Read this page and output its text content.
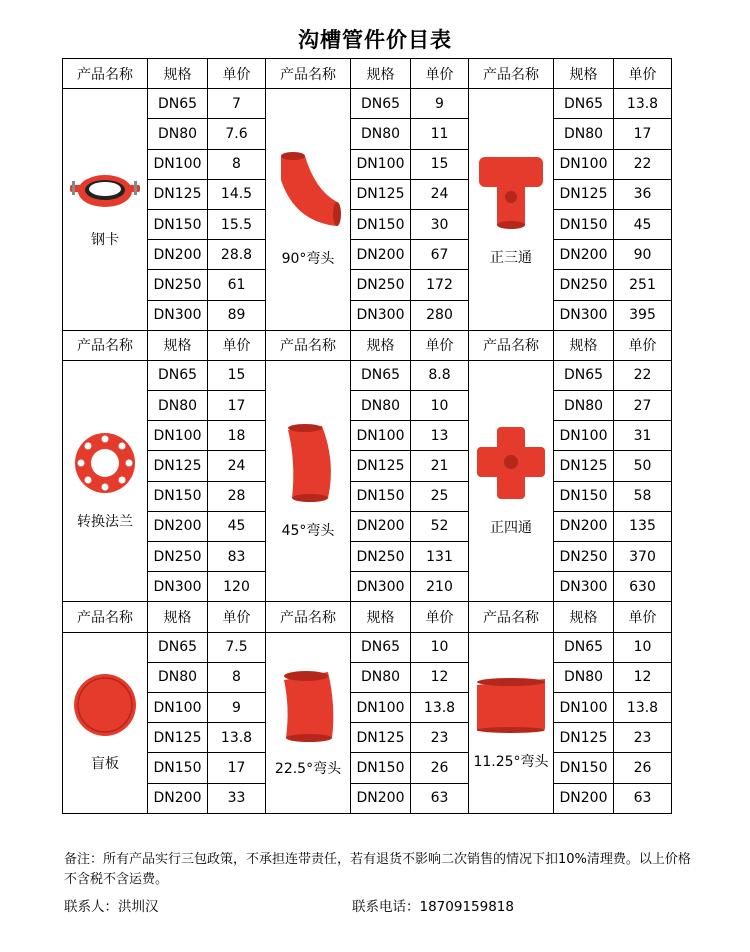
沟槽管件价目表
产品名称	规格	单价	产品名称	规格	单价	产品名称	规格	单价

钢卡	DN65	7	90°弯头	DN65	9	正三通	DN65	13.8
	DN80	7.6		DN80	11		DN80	17
	DN100	8		DN100	15		DN100	22
	DN125	14.5		DN125	24		DN125	36
	DN150	15.5		DN150	30		DN150	45
	DN200	28.8		DN200	67		DN200	90
	DN250	61		DN250	172		DN250	251
	DN300	89		DN300	280		DN300	395
产品名称	规格	单价	产品名称	规格	单价	产品名称	规格	单价

转换法兰	DN65	15	45°弯头	DN65	8.8	正四通	DN65	22
	DN80	17		DN80	10		DN80	27
	DN100	18		DN100	13		DN100	31
	DN125	24		DN125	21		DN125	50
	DN150	28		DN150	25		DN150	58
	DN200	45		DN200	52		DN200	135
	DN250	83		DN250	131		DN250	370
	DN300	120		DN300	210		DN300	630
产品名称	规格	单价	产品名称	规格	单价	产品名称	规格	单价

盲板	DN65	7.5	22.5°弯头	DN65	10	11.25°弯头	DN65	10
	DN80	8		DN80	12		DN80	12
	DN100	9		DN100	13.8		DN100	13.8
	DN125	13.8		DN125	23		DN125	23
	DN150	17		DN150	26		DN150	26
	DN200	33		DN200	63		DN200	63
备注：所有产品实行三包政策，不承担连带责任，若有退货不影响二次销售的情况下扣10%清理费。以上价格不含税不含运费。
联系人：洪圳汉	联系电话：18709159818
